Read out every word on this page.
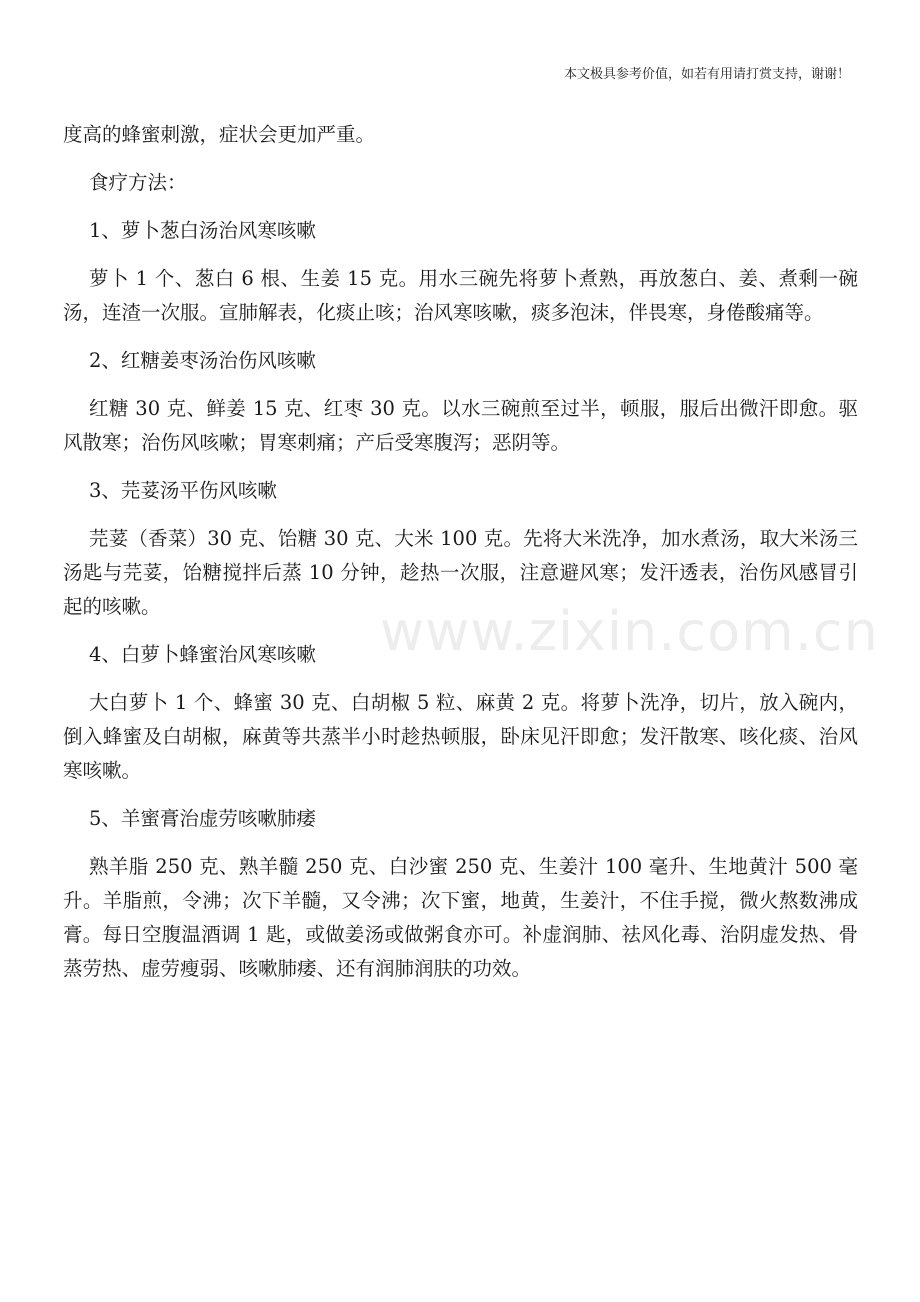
本文极具参考价值，如若有用请打赏支持，谢谢！
www.zixin.com.cn

度高的蜂蜜刺激，症状会更加严重。

食疗方法：

1、萝卜葱白汤治风寒咳嗽

萝卜 1 个、葱白 6 根、生姜 15 克。用水三碗先将萝卜煮熟，再放葱白、姜、煮剩一碗汤，连渣一次服。宣肺解表，化痰止咳；治风寒咳嗽，痰多泡沫，伴畏寒，身倦酸痛等。

2、红糖姜枣汤治伤风咳嗽

红糖 30 克、鲜姜 15 克、红枣 30 克。以水三碗煎至过半，顿服，服后出微汗即愈。驱风散寒；治伤风咳嗽；胃寒刺痛；产后受寒腹泻；恶阴等。

3、芫荽汤平伤风咳嗽

芫荽（香菜）30 克、饴糖 30 克、大米 100 克。先将大米洗净，加水煮汤，取大米汤三汤匙与芫荽，饴糖搅拌后蒸 10 分钟，趁热一次服，注意避风寒；发汗透表，治伤风感冒引起的咳嗽。

4、白萝卜蜂蜜治风寒咳嗽

大白萝卜 1 个、蜂蜜 30 克、白胡椒 5 粒、麻黄 2 克。将萝卜洗净，切片，放入碗内，倒入蜂蜜及白胡椒，麻黄等共蒸半小时趁热顿服，卧床见汗即愈；发汗散寒、咳化痰、治风寒咳嗽。

5、羊蜜膏治虚劳咳嗽肺痿

熟羊脂 250 克、熟羊髓 250 克、白沙蜜 250 克、生姜汁 100 毫升、生地黄汁 500 毫升。羊脂煎，令沸；次下羊髓，又令沸；次下蜜，地黄，生姜汁，不住手搅，微火熬数沸成膏。每日空腹温酒调 1 匙，或做姜汤或做粥食亦可。补虚润肺、祛风化毒、治阴虚发热、骨蒸劳热、虚劳瘦弱、咳嗽肺痿、还有润肺润肤的功效。
